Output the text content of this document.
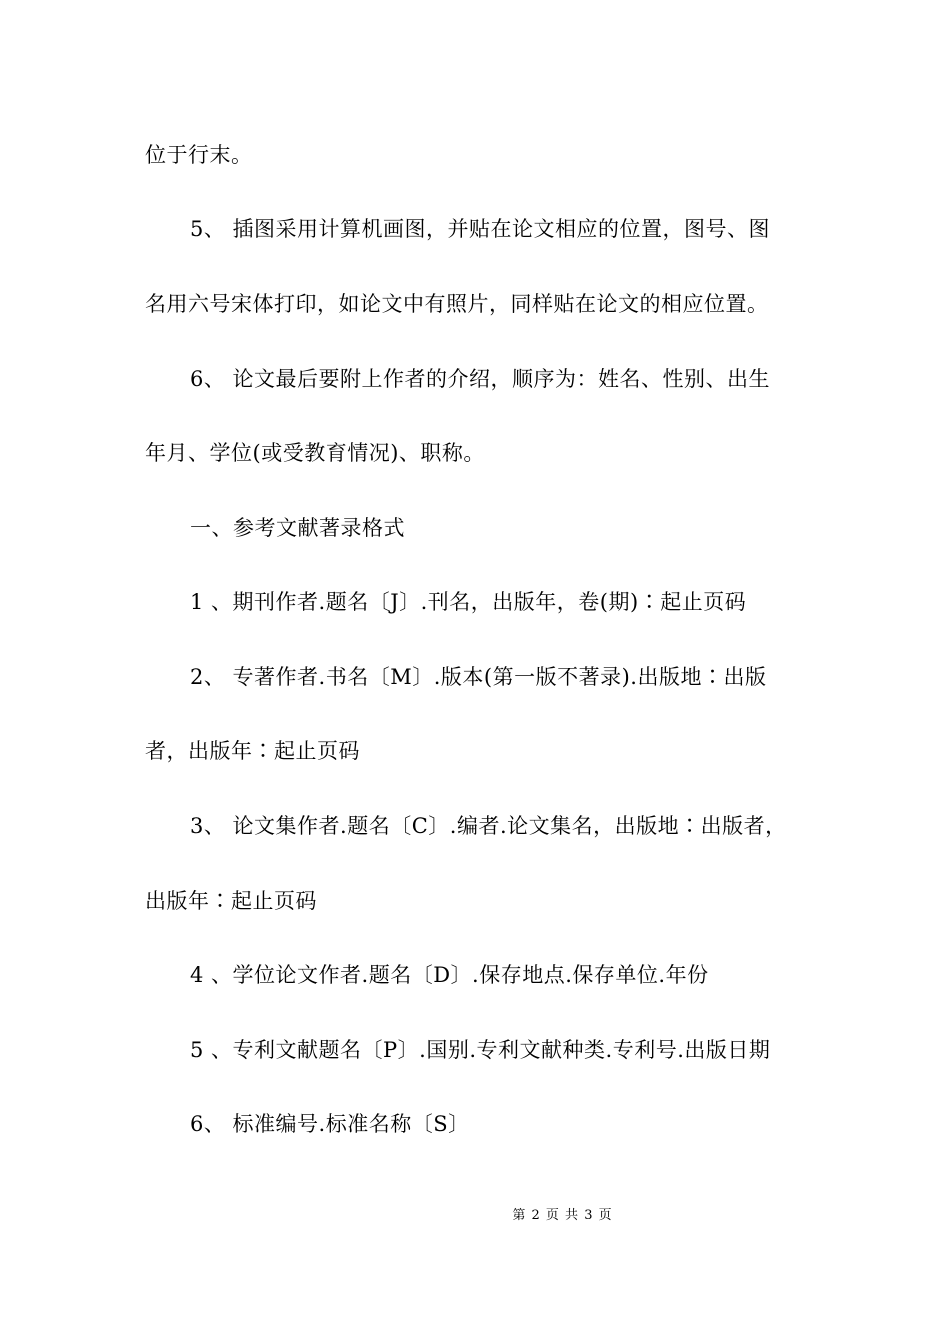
位于行末。
5、 插图采用计算机画图，并贴在论文相应的位置，图号、图
名用六号宋体打印，如论文中有照片，同样贴在论文的相应位置。
6、 论文最后要附上作者的介绍，顺序为：姓名、性别、出生
年月、学位(或受教育情况)、职称。
一、参考文献著录格式
1 、期刊作者.题名〔J〕.刊名，出版年，卷(期)∶起止页码
2、 专著作者.书名〔M〕.版本(第一版不著录).出版地∶出版
者，出版年∶起止页码
3、 论文集作者.题名〔C〕.编者.论文集名，出版地∶出版者，
出版年∶起止页码
4 、学位论文作者.题名〔D〕.保存地点.保存单位.年份
5 、专利文献题名〔P〕.国别.专利文献种类.专利号.出版日期
6、 标准编号.标准名称〔S〕
第 2 页 共 3 页
